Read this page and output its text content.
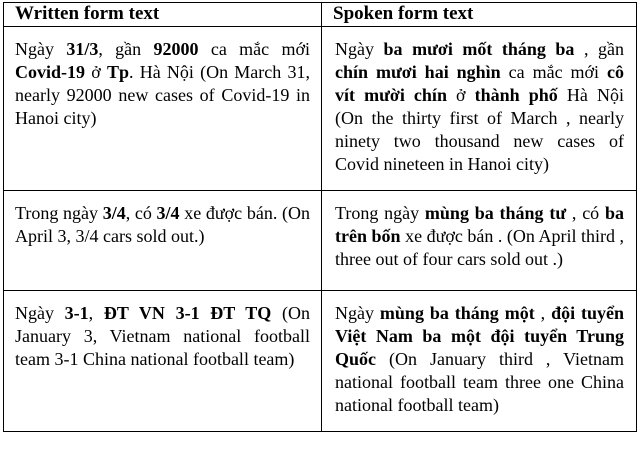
Written form text	Spoken form text

Ngày 31/3, gần 92000 ca mắc mới Covid-19 ở Tp. Hà Nội (On March 31, nearly 92000 new cases of Covid-19 in Hanoi city)	Ngày ba mươi mốt tháng ba , gần chín mươi hai nghìn ca mắc mới cô vít mười chín ở thành phố Hà Nội (On the thirty first of March , nearly ninety two thousand new cases of Covid nineteen in Hanoi city)

Trong ngày 3/4, có 3/4 xe được bán. (On April 3, 3/4 cars sold out.)	Trong ngày mùng ba tháng tư , có ba trên bốn xe được bán . (On April third , three out of four cars sold out .)

Ngày 3-1, ĐT VN 3-1 ĐT TQ (On January 3, Vietnam national football team 3-1 China national football team)	Ngày mùng ba tháng một , đội tuyển Việt Nam ba một đội tuyển Trung Quốc (On January third , Vietnam national football team three one China national football team)
